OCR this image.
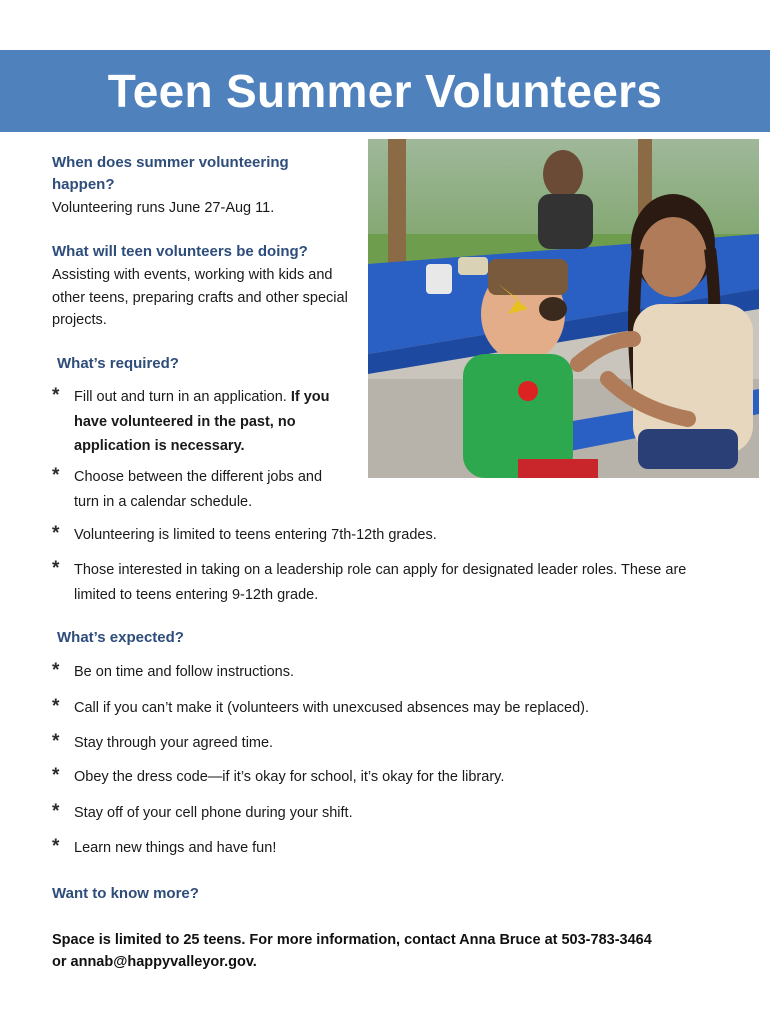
Teen Summer Volunteers
When does summer volunteering
happen?
Volunteering runs June 27-Aug 11.
What will teen volunteers be doing?
Assisting with events, working with kids and
other teens, preparing crafts and other special
projects.
What’s required?
* Fill out and turn in an application. If you
have volunteered in the past, no
application is necessary.
* Choose between the different jobs and
turn in a calendar schedule.
* Volunteering is limited to teens entering 7th-12th grades.
* Those interested in taking on a leadership role can apply for designated leader roles. These are
limited to teens entering 9-12th grade.
What’s expected?
* Be on time and follow instructions.
* Call if you can’t make it (volunteers with unexcused absences may be replaced).
* Stay through your agreed time.
* Obey the dress code—if it’s okay for school, it’s okay for the library.
* Stay off of your cell phone during your shift.
* Learn new things and have fun!
Want to know more?
Space is limited to 25 teens. For more information, contact Anna Bruce at 503-783-3464
or annab@happyvalleyor.gov.
